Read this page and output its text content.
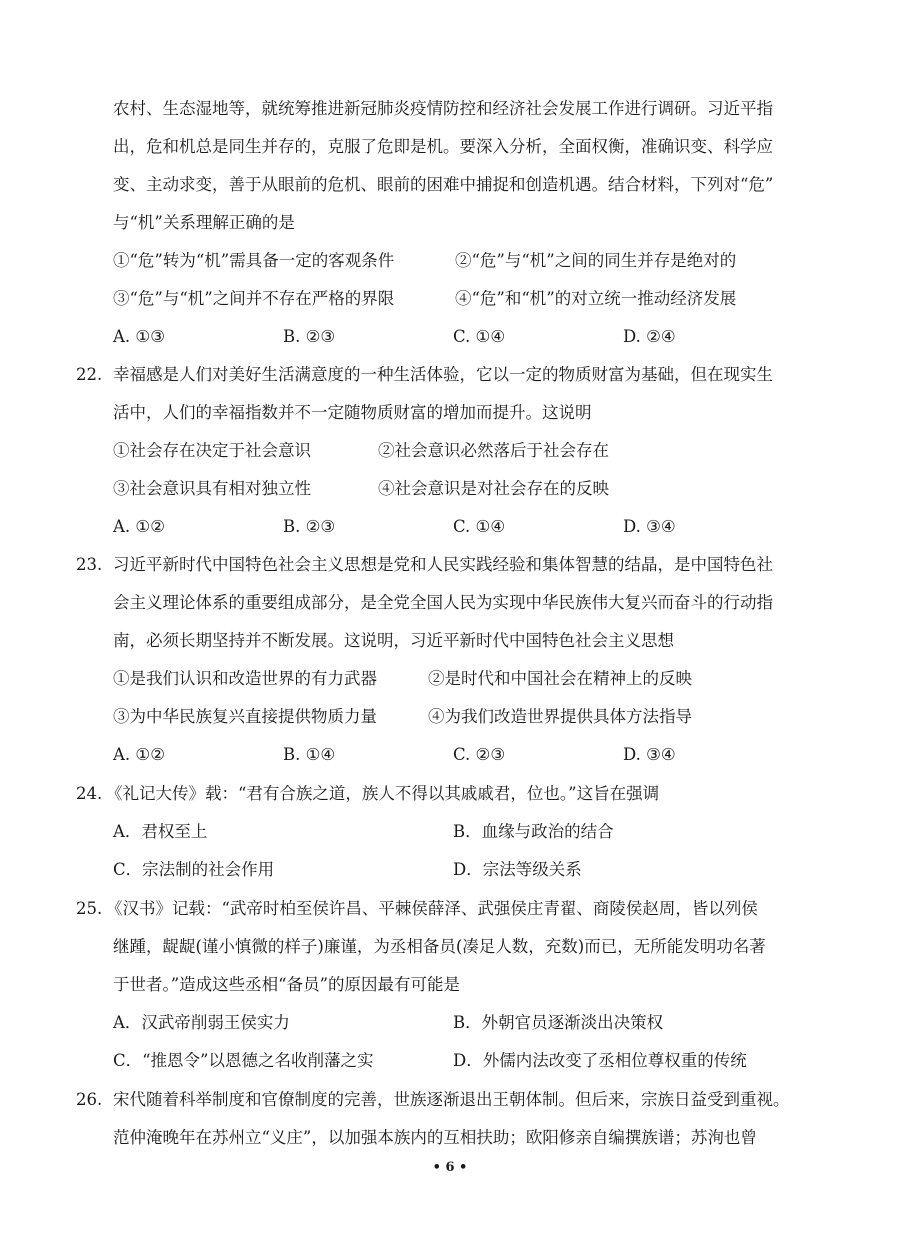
农村、生态湿地等，就统筹推进新冠肺炎疫情防控和经济社会发展工作进行调研。习近平指
出，危和机总是同生并存的，克服了危即是机。要深入分析，全面权衡，准确识变、科学应
变、主动求变，善于从眼前的危机、眼前的困难中捕捉和创造机遇。结合材料，下列对“危”
与“机”关系理解正确的是
①“危”转为“机”需具备一定的客观条件	②“危”与“机”之间的同生并存是绝对的
③“危”与“机”之间并不存在严格的界限	④“危”和“机”的对立统一推动经济发展
A. ①③	B. ②③	C. ①④	D. ②④
22. 幸福感是人们对美好生活满意度的一种生活体验，它以一定的物质财富为基础，但在现实生
活中，人们的幸福指数并不一定随物质财富的增加而提升。这说明
①社会存在决定于社会意识	②社会意识必然落后于社会存在
③社会意识具有相对独立性	④社会意识是对社会存在的反映
A. ①②	B. ②③	C. ①④	D. ③④
23. 习近平新时代中国特色社会主义思想是党和人民实践经验和集体智慧的结晶，是中国特色社
会主义理论体系的重要组成部分，是全党全国人民为实现中华民族伟大复兴而奋斗的行动指
南，必须长期坚持并不断发展。这说明，习近平新时代中国特色社会主义思想
①是我们认识和改造世界的有力武器	②是时代和中国社会在精神上的反映
③为中华民族复兴直接提供物质力量	④为我们改造世界提供具体方法指导
A. ①②	B. ①④	C. ②③	D. ③④
24. 《礼记大传》载：“君有合族之道，族人不得以其戚戚君，位也。”这旨在强调
A．君权至上	B．血缘与政治的结合
C．宗法制的社会作用	D．宗法等级关系
25. 《汉书》记载：“武帝时柏至侯许昌、平棘侯薛泽、武强侯庄青翟、商陵侯赵周，皆以列侯
继踵，龊龊(谨小慎微的样子)廉谨，为丞相备员(凑足人数，充数)而已，无所能发明功名著
于世者。”造成这些丞相“备员”的原因最有可能是
A．汉武帝削弱王侯实力	B．外朝官员逐渐淡出决策权
C．“推恩令”以恩德之名收削藩之实	D．外儒内法改变了丞相位尊权重的传统
26. 宋代随着科举制度和官僚制度的完善，世族逐渐退出王朝体制。但后来，宗族日益受到重视。
范仲淹晚年在苏州立“义庄”，以加强本族内的互相扶助；欧阳修亲自编撰族谱；苏洵也曾
• 6 •
